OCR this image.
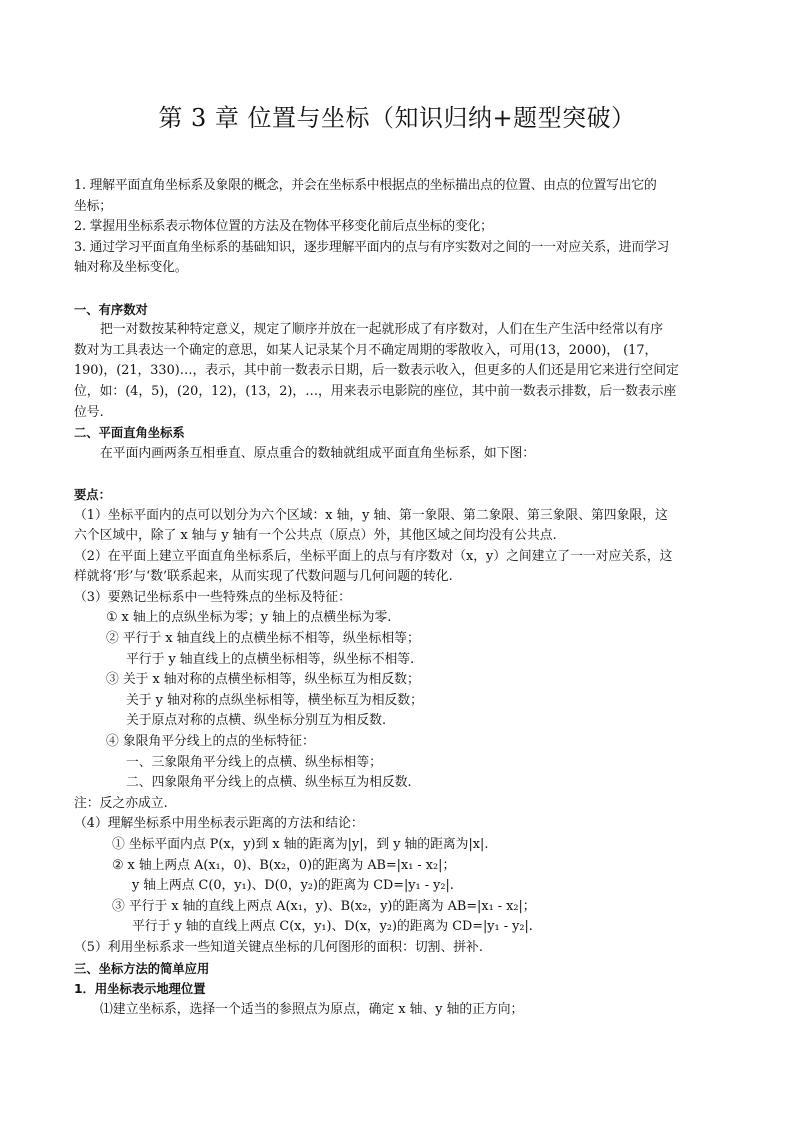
第 3 章 位置与坐标（知识归纳+题型突破）
1. 理解平面直角坐标系及象限的概念，并会在坐标系中根据点的坐标描出点的位置、由点的位置写出它的
坐标；
2. 掌握用坐标系表示物体位置的方法及在物体平移变化前后点坐标的变化；
3. 通过学习平面直角坐标系的基础知识，逐步理解平面内的点与有序实数对之间的一一对应关系，进而学习
轴对称及坐标变化。
一、有序数对
把一对数按某种特定意义，规定了顺序并放在一起就形成了有序数对，人们在生产生活中经常以有序
数对为工具表达一个确定的意思，如某人记录某个月不确定周期的零散收入，可用(13，2000)， (17，
190)，(21，330)…，表示，其中前一数表示日期，后一数表示收入，但更多的人们还是用它来进行空间定
位，如：(4，5)，(20，12)，(13，2)，…，用来表示电影院的座位，其中前一数表示排数，后一数表示座
位号.
二、平面直角坐标系
在平面内画两条互相垂直、原点重合的数轴就组成平面直角坐标系，如下图：
要点：
（1）坐标平面内的点可以划分为六个区域：x 轴，y 轴、第一象限、第二象限、第三象限、第四象限，这
六个区域中，除了 x 轴与 y 轴有一个公共点（原点）外，其他区域之间均没有公共点.
（2）在平面上建立平面直角坐标系后，坐标平面上的点与有序数对（x，y）之间建立了一一对应关系，这
样就将‘形’与‘数’联系起来，从而实现了代数问题与几何问题的转化.
（3）要熟记坐标系中一些特殊点的坐标及特征：
① x 轴上的点纵坐标为零；y 轴上的点横坐标为零.
② 平行于 x 轴直线上的点横坐标不相等，纵坐标相等；
平行于 y 轴直线上的点横坐标相等，纵坐标不相等.
③ 关于 x 轴对称的点横坐标相等，纵坐标互为相反数；
关于 y 轴对称的点纵坐标相等，横坐标互为相反数；
关于原点对称的点横、纵坐标分别互为相反数.
④ 象限角平分线上的点的坐标特征：
一、三象限角平分线上的点横、纵坐标相等；
二、四象限角平分线上的点横、纵坐标互为相反数.
注：反之亦成立.
（4）理解坐标系中用坐标表示距离的方法和结论：
① 坐标平面内点 P(x，y)到 x 轴的距离为|y|，到 y 轴的距离为|x|.
② x 轴上两点 A(x₁，0)、B(x₂，0)的距离为 AB=|x₁ - x₂|；
y 轴上两点 C(0，y₁)、D(0，y₂)的距离为 CD=|y₁ - y₂|.
③ 平行于 x 轴的直线上两点 A(x₁，y)、B(x₂，y)的距离为 AB=|x₁ - x₂|；
平行于 y 轴的直线上两点 C(x，y₁)、D(x，y₂)的距离为 CD=|y₁ - y₂|.
（5）利用坐标系求一些知道关键点坐标的几何图形的面积：切割、拼补.
三、坐标方法的简单应用
1．用坐标表示地理位置
⑴建立坐标系，选择一个适当的参照点为原点，确定 x 轴、y 轴的正方向；
